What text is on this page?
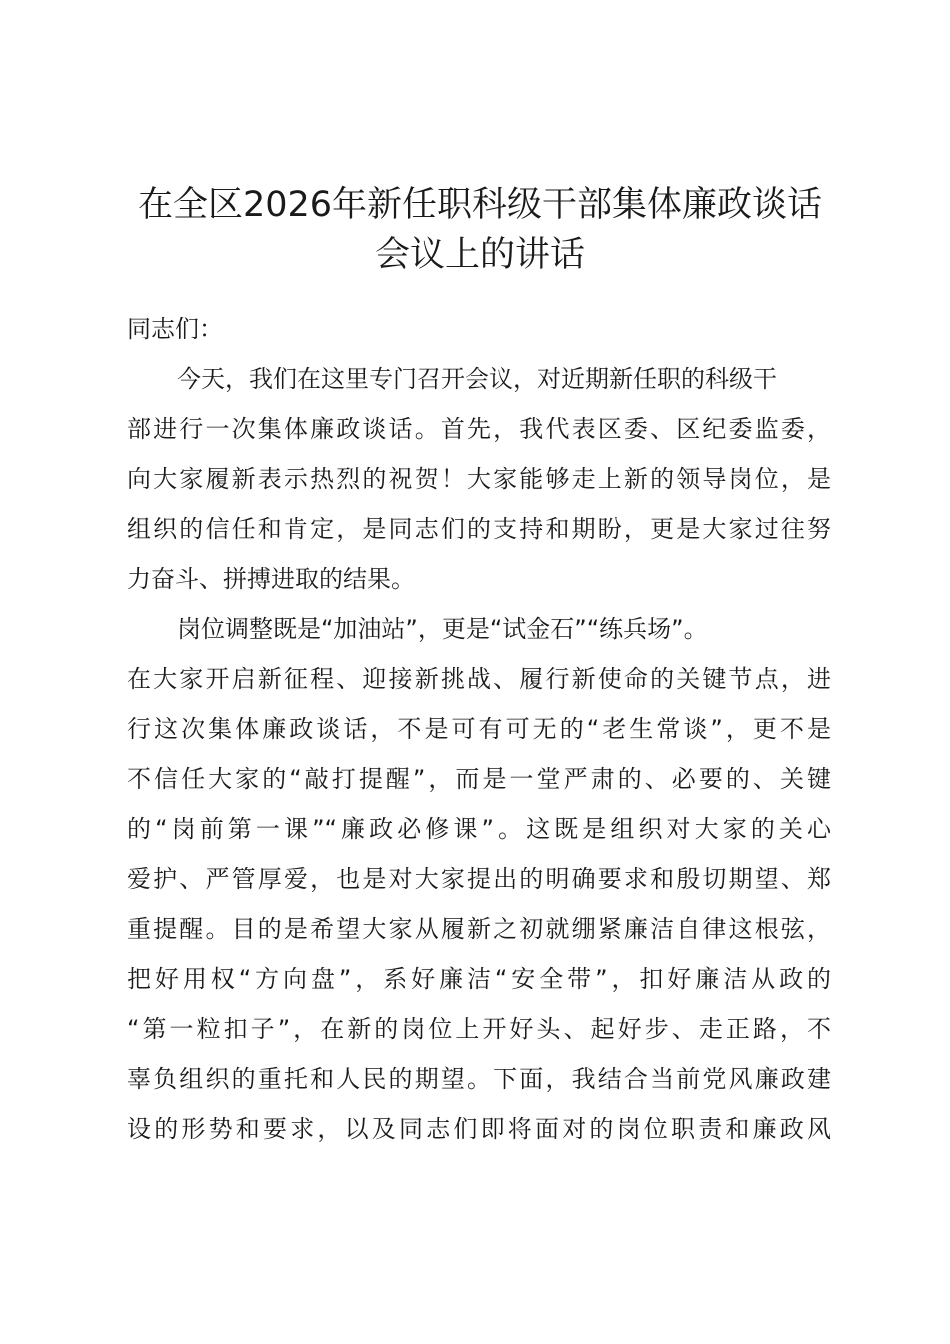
在全区2026年新任职科级干部集体廉政谈话
会议上的讲话
同志们：
今天，我们在这里专门召开会议，对近期新任职的科级干
部进行一次集体廉政谈话。首先，我代表区委、区纪委监委，
向大家履新表示热烈的祝贺！大家能够走上新的领导岗位，是
组织的信任和肯定，是同志们的支持和期盼，更是大家过往努
力奋斗、拼搏进取的结果。
岗位调整既是“加油站”，更是“试金石”“练兵场”。
在大家开启新征程、迎接新挑战、履行新使命的关键节点，进
行这次集体廉政谈话，不是可有可无的“老生常谈”，更不是
不信任大家的“敲打提醒”，而是一堂严肃的、必要的、关键
的“岗前第一课”“廉政必修课”。这既是组织对大家的关心
爱护、严管厚爱，也是对大家提出的明确要求和殷切期望、郑
重提醒。目的是希望大家从履新之初就绷紧廉洁自律这根弦，
把好用权“方向盘”，系好廉洁“安全带”，扣好廉洁从政的
“第一粒扣子”，在新的岗位上开好头、起好步、走正路，不
辜负组织的重托和人民的期望。下面，我结合当前党风廉政建
设的形势和要求，以及同志们即将面对的岗位职责和廉政风
